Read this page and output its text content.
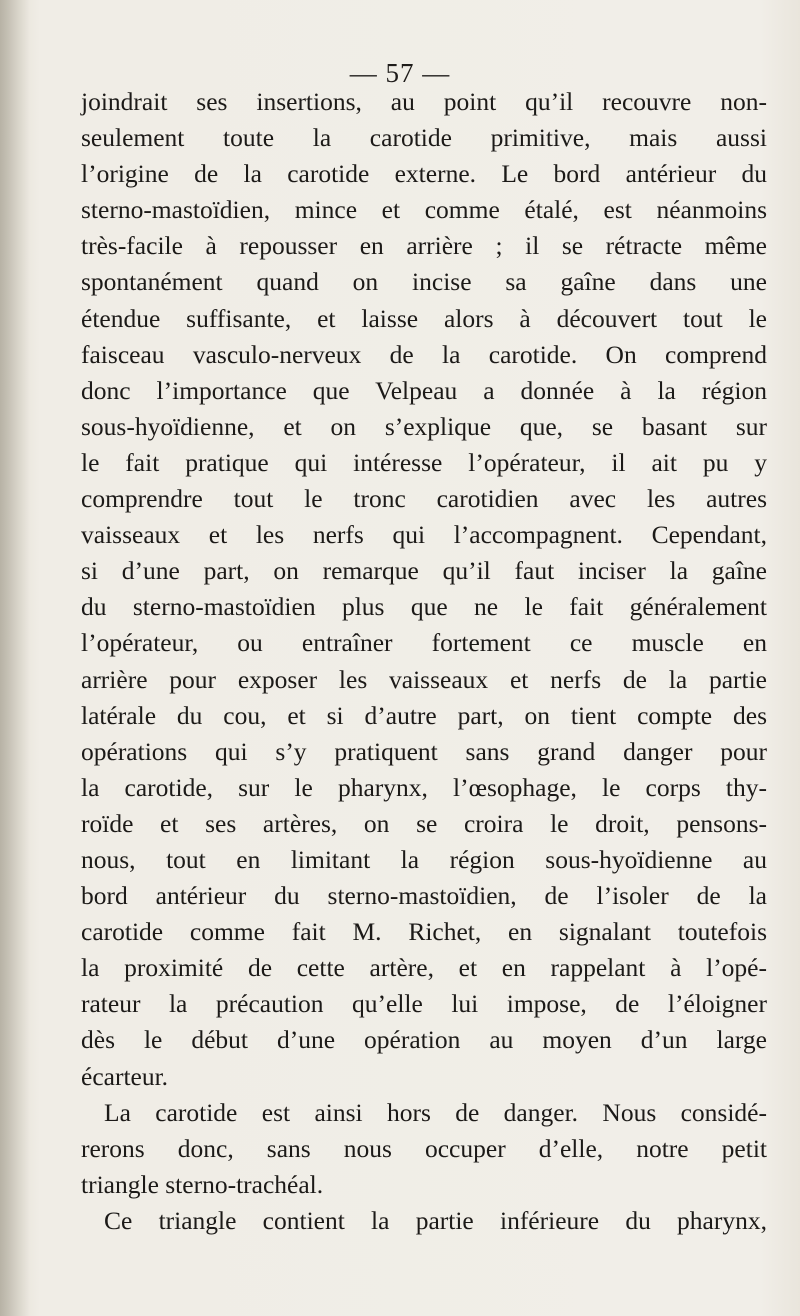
— 57 —
joindrait ses insertions, au point qu’il recouvre non-
seulement toute la carotide primitive, mais aussi
l’origine de la carotide externe. Le bord antérieur du
sterno-mastoïdien, mince et comme étalé, est néanmoins
très-facile à repousser en arrière ; il se rétracte même
spontanément quand on incise sa gaîne dans une
étendue suffisante, et laisse alors à découvert tout le
faisceau vasculo-nerveux de la carotide. On comprend
donc l’importance que Velpeau a donnée à la région
sous-hyoïdienne, et on s’explique que, se basant sur
le fait pratique qui intéresse l’opérateur, il ait pu y
comprendre tout le tronc carotidien avec les autres
vaisseaux et les nerfs qui l’accompagnent. Cependant,
si d’une part, on remarque qu’il faut inciser la gaîne
du sterno-mastoïdien plus que ne le fait généralement
l’opérateur, ou entraîner fortement ce muscle en
arrière pour exposer les vaisseaux et nerfs de la partie
latérale du cou, et si d’autre part, on tient compte des
opérations qui s’y pratiquent sans grand danger pour
la carotide, sur le pharynx, l’œsophage, le corps thy-
roïde et ses artères, on se croira le droit, pensons-
nous, tout en limitant la région sous-hyoïdienne au
bord antérieur du sterno-mastoïdien, de l’isoler de la
carotide comme fait M. Richet, en signalant toutefois
la proximité de cette artère, et en rappelant à l’opé-
rateur la précaution qu’elle lui impose, de l’éloigner
dès le début d’une opération au moyen d’un large
écarteur.
La carotide est ainsi hors de danger. Nous considé-
rerons donc, sans nous occuper d’elle, notre petit
triangle sterno-trachéal.
Ce triangle contient la partie inférieure du pharynx,
